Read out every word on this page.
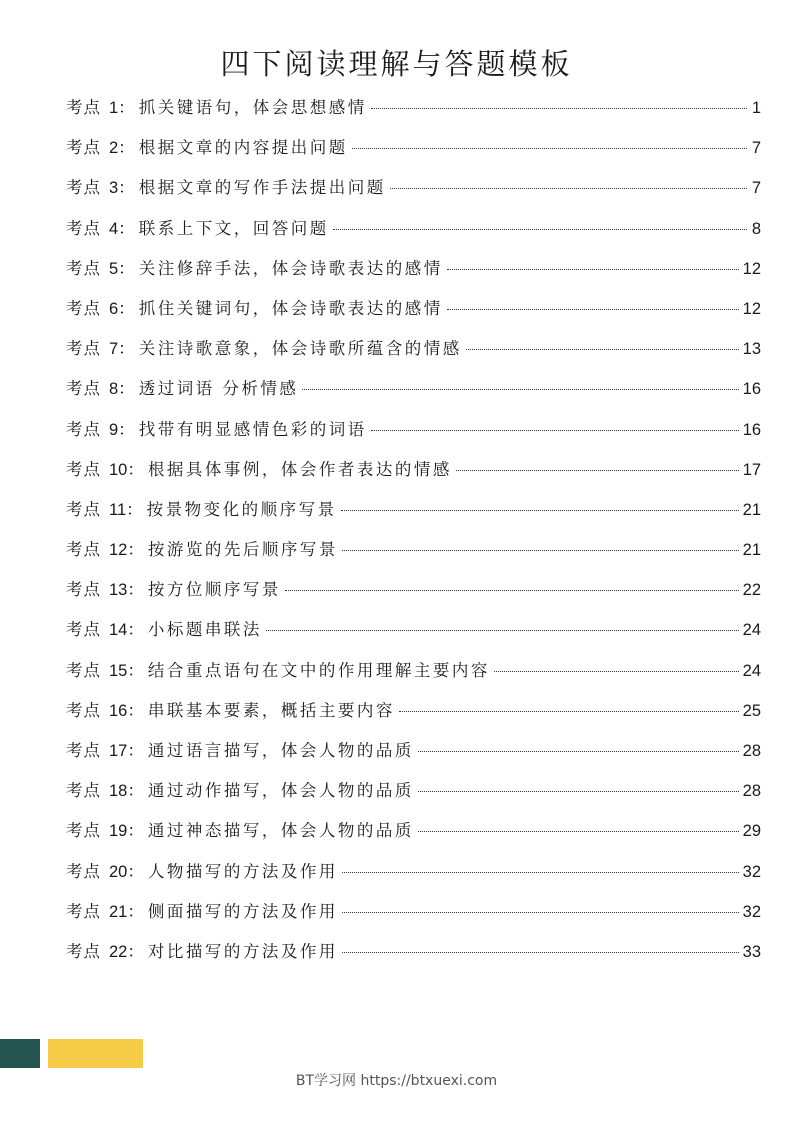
四下阅读理解与答题模板
考点 1： 抓关键语句，体会思想感情	1
考点 2： 根据文章的内容提出问题	7
考点 3： 根据文章的写作手法提出问题	7
考点 4： 联系上下文，回答问题	8
考点 5： 关注修辞手法，体会诗歌表达的感情	12
考点 6： 抓住关键词句，体会诗歌表达的感情	12
考点 7： 关注诗歌意象，体会诗歌所蕴含的情感	13
考点 8： 透过词语 分析情感	16
考点 9： 找带有明显感情色彩的词语	16
考点 10： 根据具体事例，体会作者表达的情感	17
考点 11： 按景物变化的顺序写景	21
考点 12： 按游览的先后顺序写景	21
考点 13： 按方位顺序写景	22
考点 14： 小标题串联法	24
考点 15： 结合重点语句在文中的作用理解主要内容	24
考点 16： 串联基本要素，概括主要内容	25
考点 17： 通过语言描写，体会人物的品质	28
考点 18： 通过动作描写，体会人物的品质	28
考点 19： 通过神态描写，体会人物的品质	29
考点 20： 人物描写的方法及作用	32
考点 21： 侧面描写的方法及作用	32
考点 22： 对比描写的方法及作用	33
BT学习网 https://btxuexi.com
